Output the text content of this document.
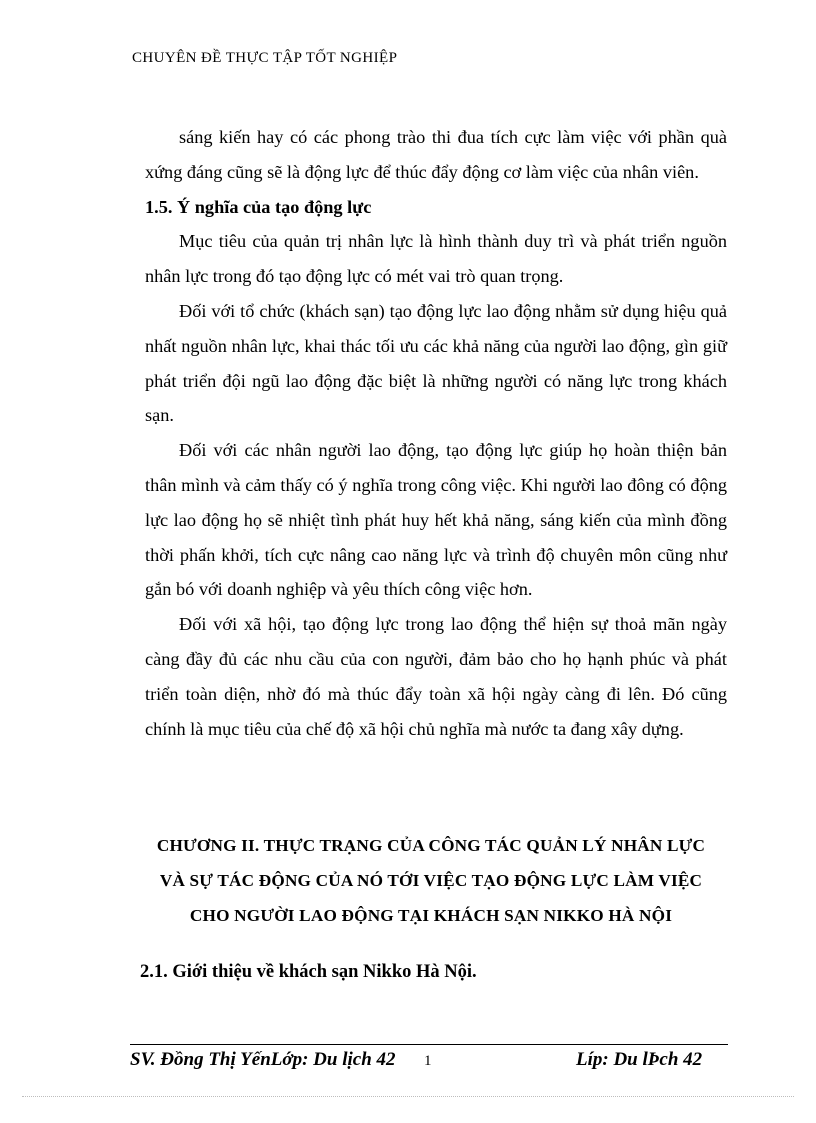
CHUYÊN ĐỀ THỰC TẬP TỐT NGHIỆP

sáng kiến hay có các phong trào thi đua tích cực làm việc với phần quà xứng đáng cũng sẽ là động lực để thúc đẩy động cơ làm việc của nhân viên.

1.5. Ý nghĩa của tạo động lực

Mục tiêu của quản trị nhân lực là hình thành duy trì và phát triển nguồn nhân lực trong đó tạo động lực có mét vai trò quan trọng.

Đối với tổ chức (khách sạn) tạo động lực lao động nhằm sử dụng hiệu quả nhất nguồn nhân lực, khai thác tối ưu các khả năng của người lao động, gìn giữ phát triển đội ngũ lao động đặc biệt là những người có năng lực trong khách sạn.

Đối với các nhân người lao động, tạo động lực giúp họ hoàn thiện bản thân mình và cảm thấy có ý nghĩa trong công việc. Khi người lao đông có động lực lao động họ sẽ nhiệt tình phát huy hết khả năng, sáng kiến của mình đồng thời phấn khởi, tích cực nâng cao năng lực và trình độ chuyên môn cũng như gắn bó với doanh nghiệp và yêu thích công việc hơn.

Đối với xã hội, tạo động lực trong lao động thể hiện sự thoả mãn ngày càng đầy đủ các nhu cầu của con người, đảm bảo cho họ hạnh phúc và phát triển toàn diện, nhờ đó mà thúc đẩy toàn xã hội ngày càng đi lên. Đó cũng chính là mục tiêu của chế độ xã hội chủ nghĩa mà nước ta đang xây dựng.

CHƯƠNG II. THỰC TRẠNG CỦA CÔNG TÁC QUẢN LÝ NHÂN LỰC
VÀ SỰ TÁC ĐỘNG CỦA NÓ TỚI VIỆC TẠO ĐỘNG LỰC LÀM VIỆC
CHO NGƯỜI LAO ĐỘNG TẠI KHÁCH SẠN NIKKO HÀ NỘI
2.1. Giới thiệu về khách sạn Nikko Hà Nội.
SV. Đồng Thị YếnLớp: Du lịch 42 1	Líp: Du lÞch 42
